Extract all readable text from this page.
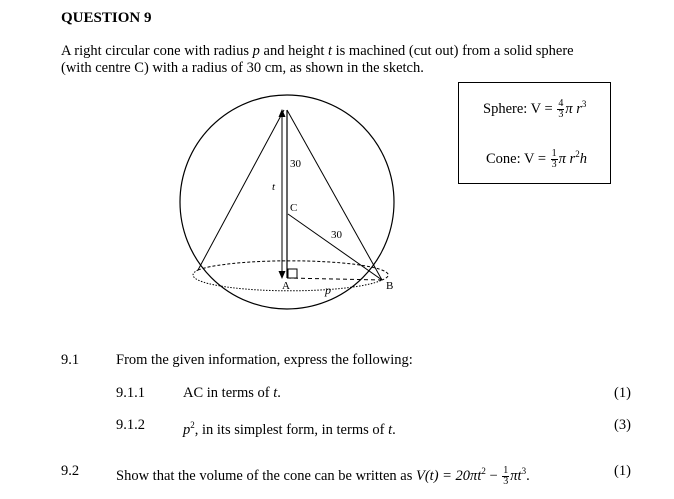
QUESTION 9
A right circular cone with radius p and height t is machined (cut out) from a solid sphere
(with centre C) with a radius of 30 cm, as shown in the sketch.
Sphere: $V = \frac{4}{3}$ π $r^3$
Cone: $V = \frac{1}{3}$ π $r^2h$
t
30
C
30
A	p	B
9.1	From the given information, express the following:
9.1.1	AC in terms of t.	(1)
9.1.2	$p^2$, in its simplest form, in terms of t.	(3)
9.2	Show that the volume of the cone can be written as $V(t) = 20\pi t^2 - \frac{1}{3} \pi t^3$.	(1)
